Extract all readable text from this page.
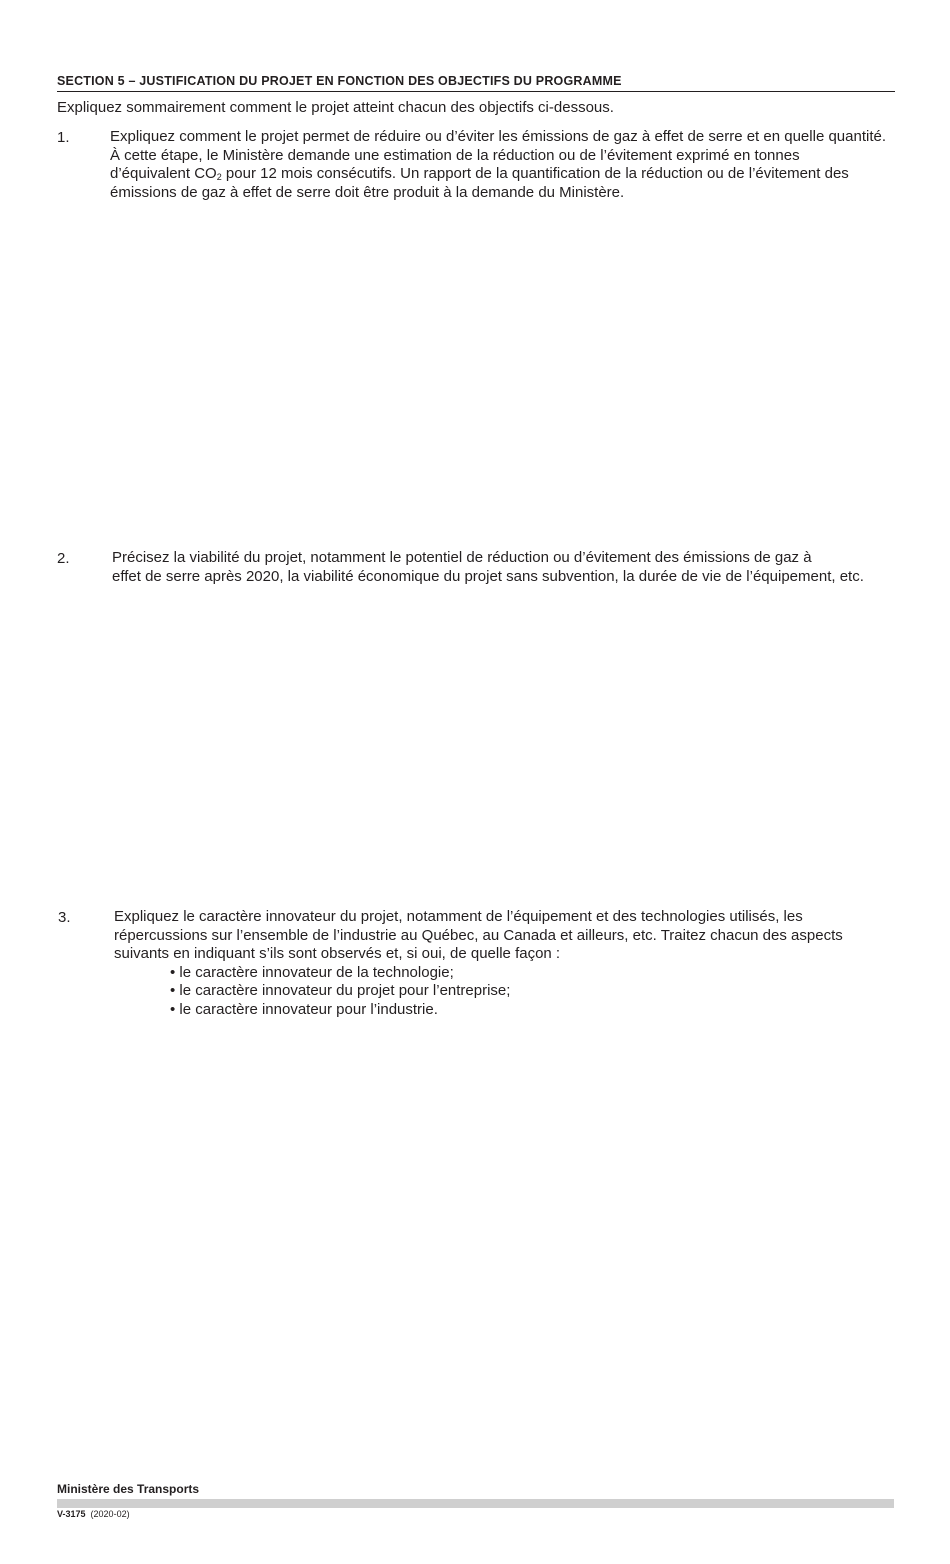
SECTION 5 – JUSTIFICATION DU PROJET EN FONCTION DES OBJECTIFS DU PROGRAMME
Expliquez sommairement comment le projet atteint chacun des objectifs ci-dessous.
1.	Expliquez comment le projet permet de réduire ou d’éviter les émissions de gaz à effet de serre et en quelle quantité.
À cette étape, le Ministère demande une estimation de la réduction ou de l’évitement exprimé en tonnes
d’équivalent $CO_2$ pour 12 mois consécutifs. Un rapport de la quantification de la réduction ou de l’évitement des
émissions de gaz à effet de serre doit être produit à la demande du Ministère.
2.	Précisez la viabilité du projet, notamment le potentiel de réduction ou d’évitement des émissions de gaz à
effet de serre après 2020, la viabilité économique du projet sans subvention, la durée de vie de l’équipement, etc.
3.	Expliquez le caractère innovateur du projet, notamment de l’équipement et des technologies utilisés, les
répercussions sur l’ensemble de l’industrie au Québec, au Canada et ailleurs, etc. Traitez chacun des aspects
suivants en indiquant s’ils sont observés et, si oui, de quelle façon :
• le caractère innovateur de la technologie;
• le caractère innovateur du projet pour l’entreprise;
• le caractère innovateur pour l’industrie.
Ministère des Transports
V-3175 (2020-02)
